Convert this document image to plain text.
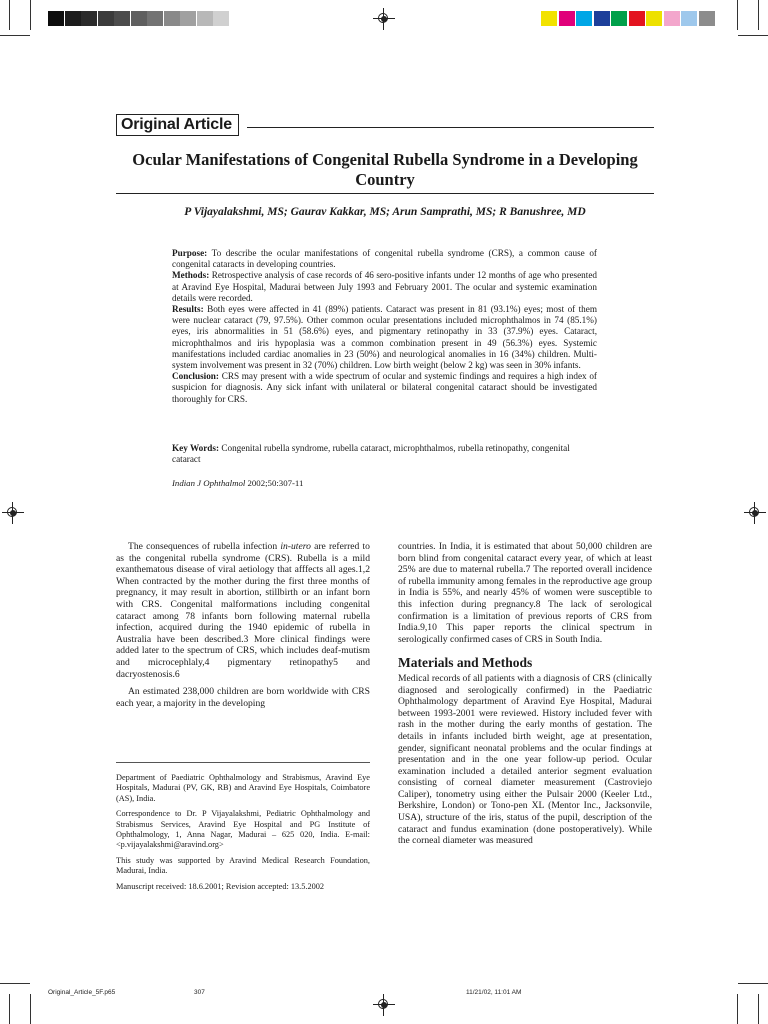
Original Article
Ocular Manifestations of Congenital Rubella Syndrome in a Developing Country
P Vijayalakshmi, MS; Gaurav Kakkar, MS; Arun Samprathi, MS; R Banushree, MD

Purpose: To describe the ocular manifestations of congenital rubella syndrome (CRS), a common cause of congenital cataracts in developing countries.

Methods: Retrospective analysis of case records of 46 sero-positive infants under 12 months of age who presented at Aravind Eye Hospital, Madurai between July 1993 and February 2001. The ocular and systemic examination details were recorded.

Results: Both eyes were affected in 41 (89%) patients. Cataract was present in 81 (93.1%) eyes; most of them were nuclear cataract (79, 97.5%). Other common ocular presentations included microphthalmos in 74 (85.1%) eyes, iris abnormalities in 51 (58.6%) eyes, and pigmentary retinopathy in 33 (37.9%) eyes. Cataract, microphthalmos and iris hypoplasia was a common combination present in 49 (56.3%) eyes. Systemic manifestations included cardiac anomalies in 23 (50%) and neurological anomalies in 16 (34%) children. Multi-system involvement was present in 32 (70%) children. Low birth weight (below 2 kg) was seen in 30% infants.

Conclusion: CRS may present with a wide spectrum of ocular and systemic findings and requires a high index of suspicion for diagnosis. Any sick infant with unilateral or bilateral congenital cataract should be investigated thoroughly for CRS.

Key Words: Congenital rubella syndrome, rubella cataract, microphthalmos, rubella retinopathy, congenital cataract
Indian J Ophthalmol 2002;50:307-11

The consequences of rubella infection in-utero are referred to as the congenital rubella syndrome (CRS). Rubella is a mild exanthematous disease of viral aetiology that afffects all ages.1,2 When contracted by the mother during the first three months of pregnancy, it may result in abortion, stillbirth or an infant born with CRS. Congenital malformations including congenital cataract among 78 infants born following maternal rubella infection, acquired during the 1940 epidemic of rubella in Australia have been described.3 More clinical findings were added later to the spectrum of CRS, which includes deaf-mutism and microcephlaly,4 pigmentary retinopathy5 and dacryostenosis.6

An estimated 238,000 children are born worldwide with CRS each year, a majority in the developing

countries. In India, it is estimated that about 50,000 children are born blind from congenital cataract every year, of which at least 25% are due to maternal rubella.7 The reported overall incidence of rubella immunity among females in the reproductive age group in India is 55%, and nearly 45% of women were susceptible to this infection during pregnancy.8 The lack of serological confirmation is a limitation of previous reports of CRS from India.9,10 This paper reports the clinical spectrum in serologically confirmed cases of CRS in South India.

Materials and Methods

Medical records of all patients with a diagnosis of CRS (clinically diagnosed and serologically confirmed) in the Paediatric Ophthalmology department of Aravind Eye Hospital, Madurai between 1993-2001 were reviewed. History included fever with rash in the mother during the early months of gestation. The details in infants included birth weight, age at presentation, gender, significant neonatal problems and the ocular findings at presentation and in the one year follow-up period. Ocular examination included a detailed anterior segment evaluation consisting of corneal diameter measurement (Castroviejo Caliper), tonometry using either the Pulsair 2000 (Keeler Ltd., Berkshire, London) or Tono-pen XL (Mentor Inc., Jacksonvile, USA), structure of the iris, status of the pupil, description of the cataract and fundus examination (done postoperatively). While the corneal diameter was measured

Department of Paediatric Ophthalmology and Strabismus, Aravind Eye Hospitals, Madurai (PV, GK, RB) and Aravind Eye Hospitals, Coimbatore (AS), India.

Correspondence to Dr. P Vijayalakshmi, Pediatric Ophthalmology and Strabismus Services, Aravind Eye Hospital and PG Institute of Ophthalmology, 1, Anna Nagar, Madurai – 625 020, India. E-mail: <p.vijayalakshmi@aravind.org>

This study was supported by Aravind Medical Research Foundation, Madurai, India.

Manuscript received: 18.6.2001; Revision accepted: 13.5.2002

Original_Article_5F.p65	307	11/21/02, 11:01 AM
